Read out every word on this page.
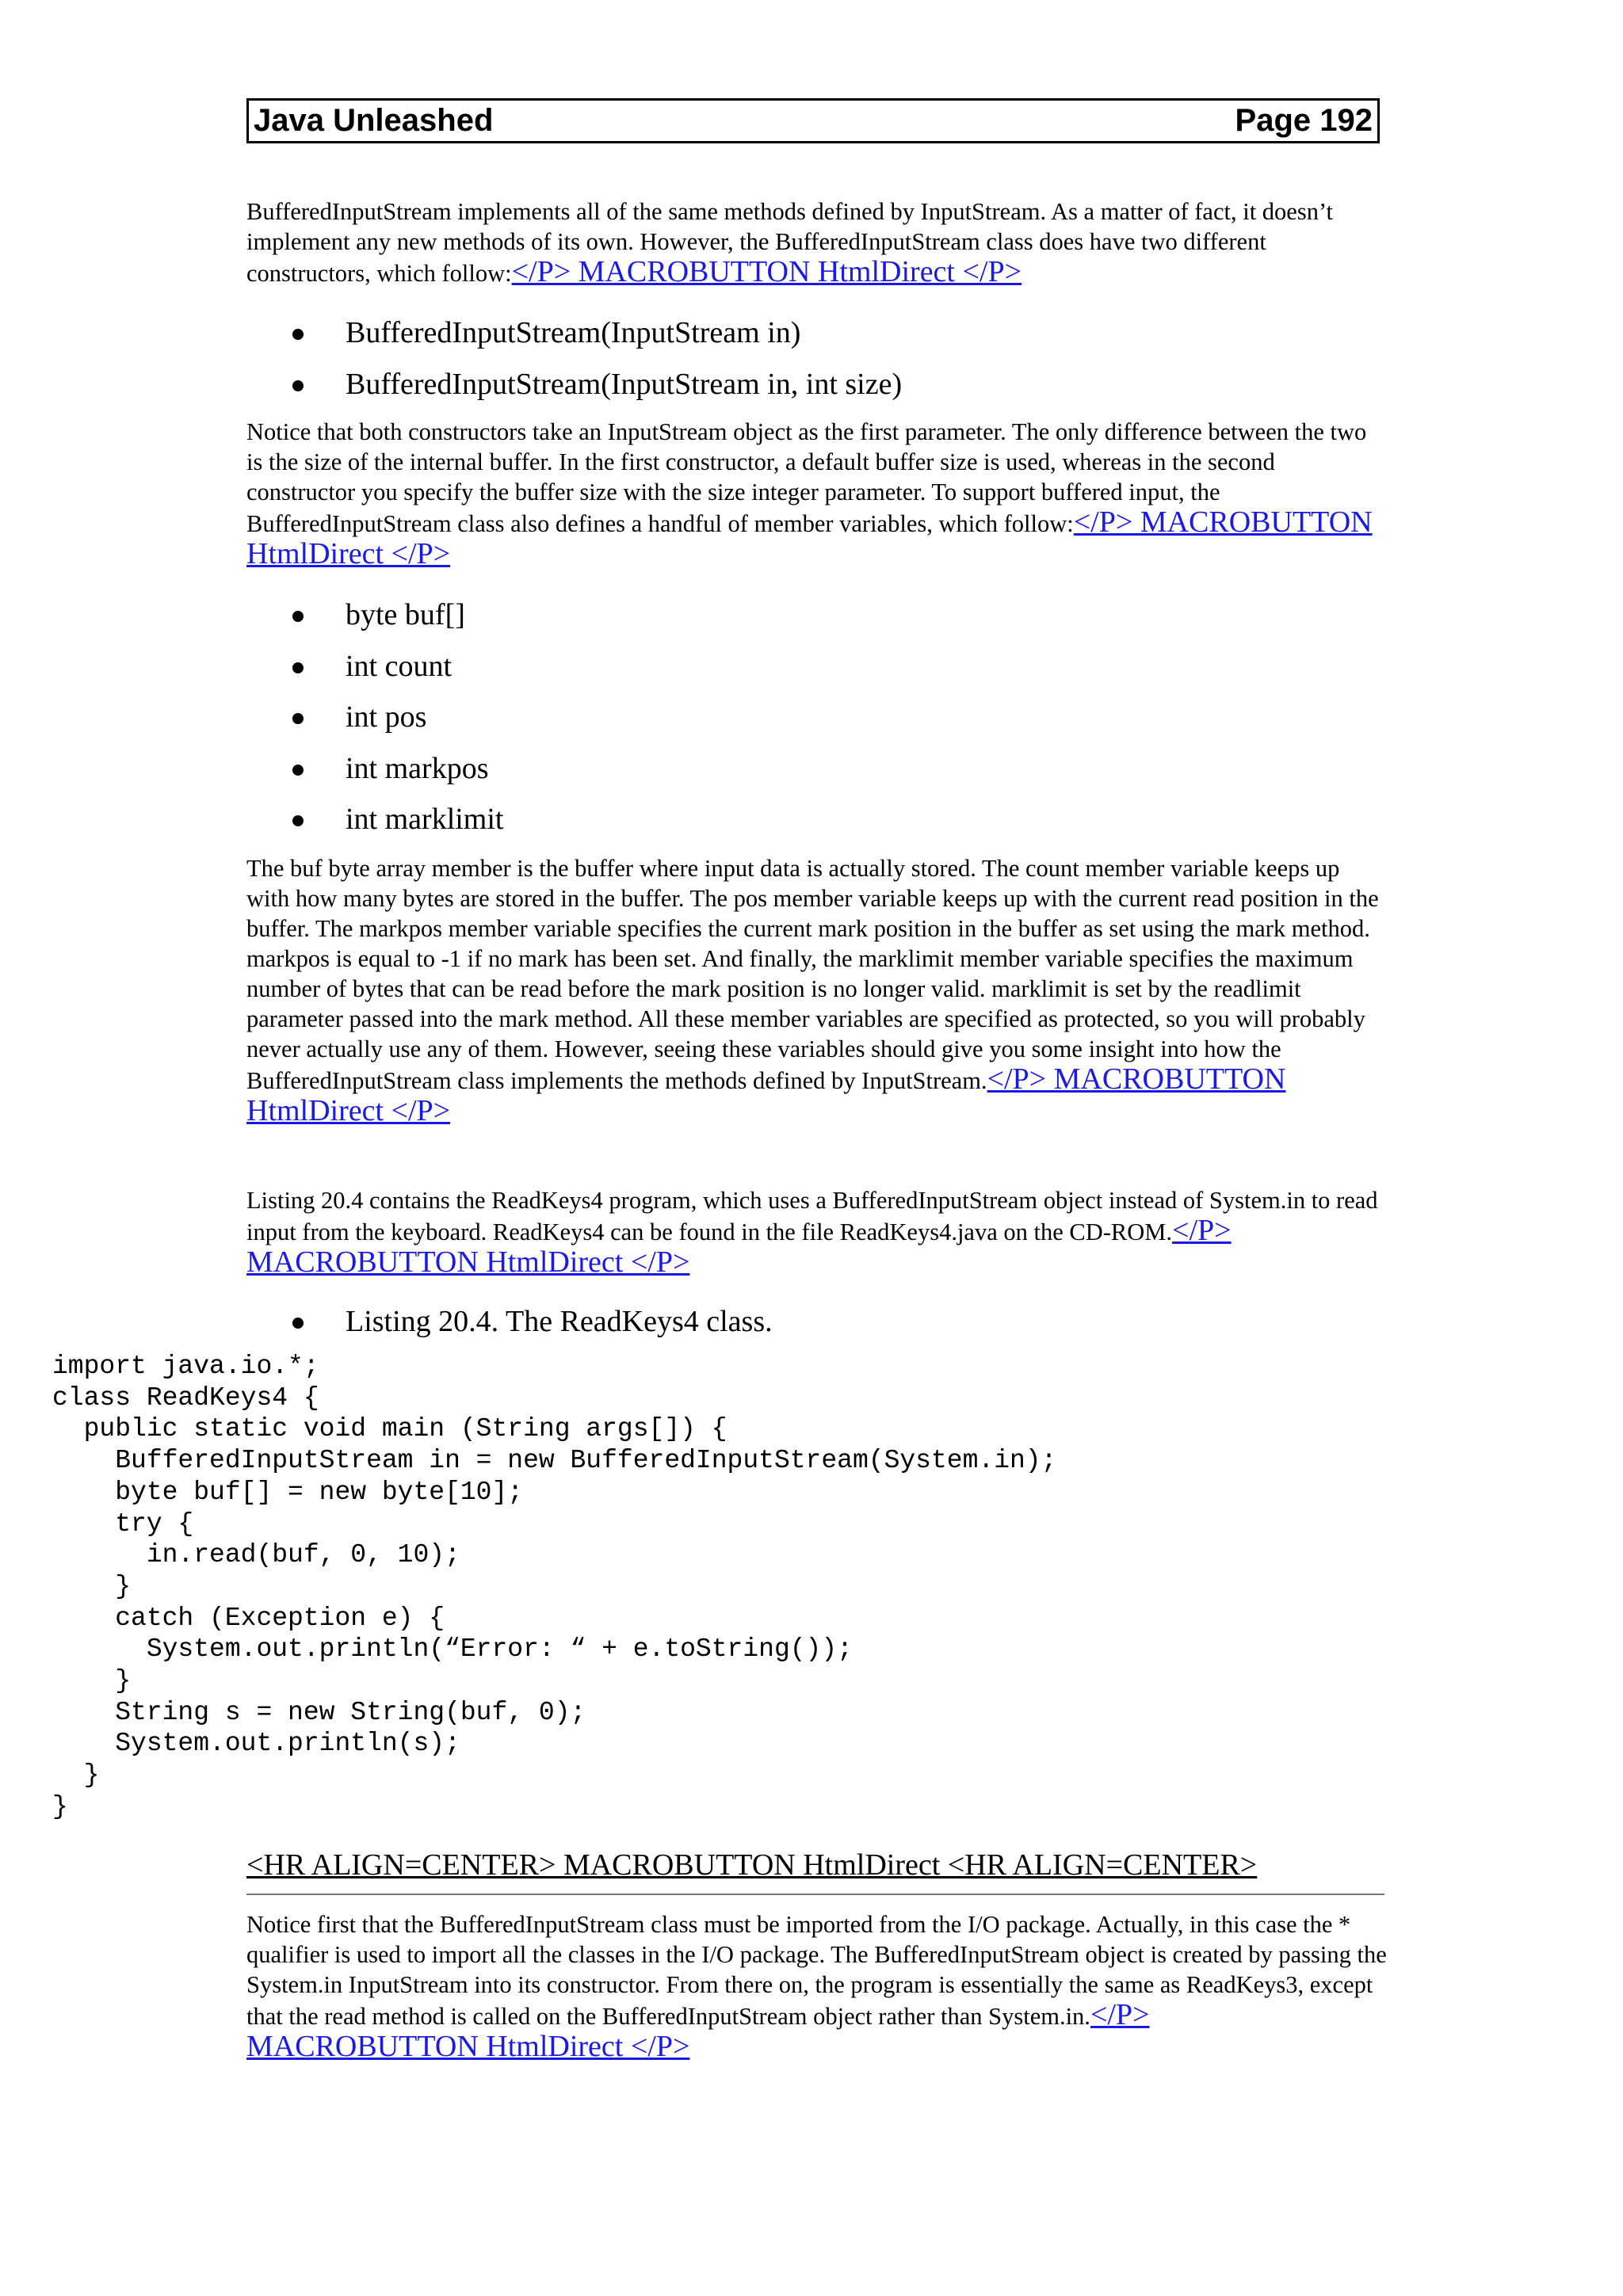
Java Unleashed	Page 192

BufferedInputStream implements all of the same methods defined by InputStream. As a matter of fact, it doesn’t implement any new methods of its own. However, the BufferedInputStream class does have two different constructors, which follow:</P> MACROBUTTON HtmlDirect </P>

BufferedInputStream(InputStream in)
BufferedInputStream(InputStream in, int size)

Notice that both constructors take an InputStream object as the first parameter. The only difference between the two is the size of the internal buffer. In the first constructor, a default buffer size is used, whereas in the second constructor you specify the buffer size with the size integer parameter. To support buffered input, the BufferedInputStream class also defines a handful of member variables, which follow:</P> MACROBUTTON HtmlDirect </P>

byte buf[]
int count
int pos
int markpos
int marklimit

The buf byte array member is the buffer where input data is actually stored. The count member variable keeps up with how many bytes are stored in the buffer. The pos member variable keeps up with the current read position in the buffer. The markpos member variable specifies the current mark position in the buffer as set using the mark method. markpos is equal to -1 if no mark has been set. And finally, the marklimit member variable specifies the maximum number of bytes that can be read before the mark position is no longer valid. marklimit is set by the readlimit parameter passed into the mark method. All these member variables are specified as protected, so you will probably never actually use any of them. However, seeing these variables should give you some insight into how the BufferedInputStream class implements the methods defined by InputStream.</P> MACROBUTTON HtmlDirect </P>

Listing 20.4 contains the ReadKeys4 program, which uses a BufferedInputStream object instead of System.in to read input from the keyboard. ReadKeys4 can be found in the file ReadKeys4.java on the CD-ROM.</P> MACROBUTTON HtmlDirect </P>

Listing 20.4. The ReadKeys4 class.
import java.io.*;
class ReadKeys4 {
public static void main (String args[]) {
BufferedInputStream in = new BufferedInputStream(System.in);
byte buf[] = new byte[10];
try {
in.read(buf, 0, 10);
}
catch (Exception e) {
System.out.println(“Error: “ + e.toString());
}
String s = new String(buf, 0);
System.out.println(s);
}
}
<HR ALIGN=CENTER> MACROBUTTON HtmlDirect <HR ALIGN=CENTER>

Notice first that the BufferedInputStream class must be imported from the I/O package. Actually, in this case the * qualifier is used to import all the classes in the I/O package. The BufferedInputStream object is created by passing the System.in InputStream into its constructor. From there on, the program is essentially the same as ReadKeys3, except that the read method is called on the BufferedInputStream object rather than System.in.</P> MACROBUTTON HtmlDirect </P>
